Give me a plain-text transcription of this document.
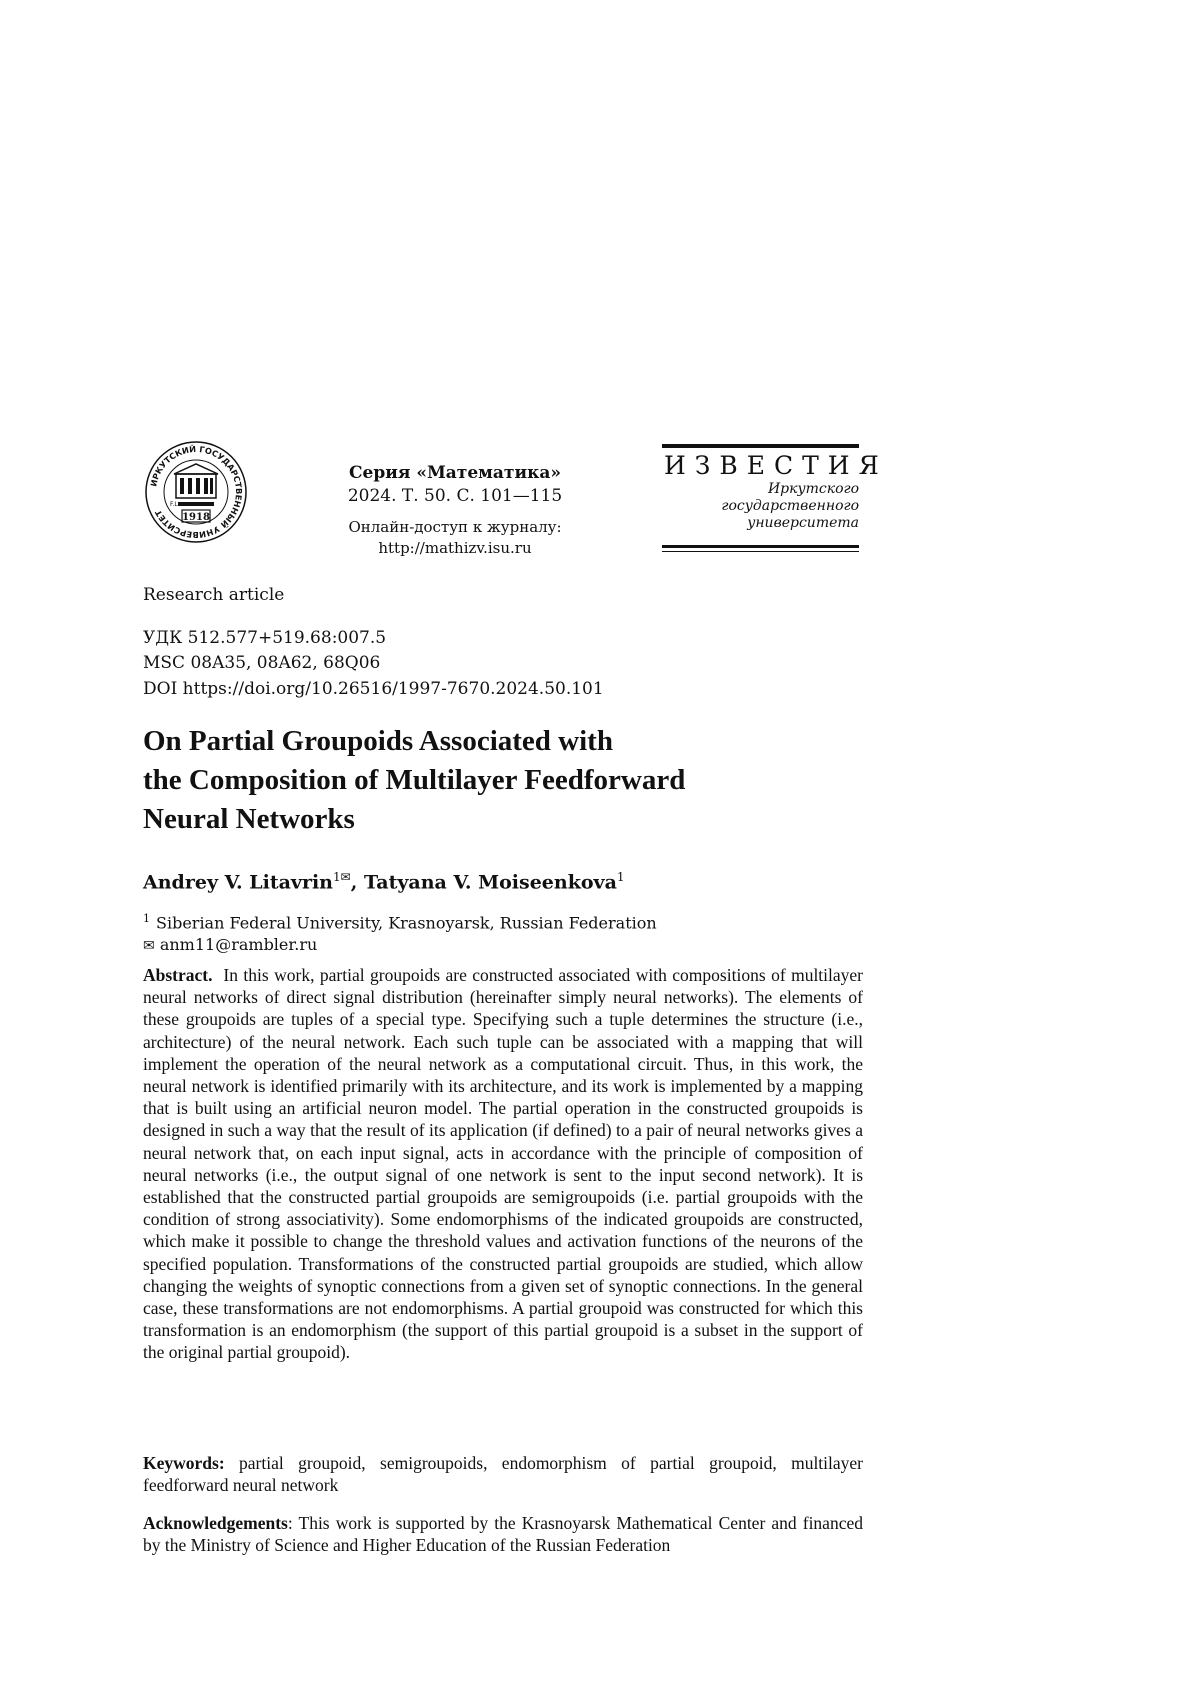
ИРКУТСКИЙ ГОСУДАРСТВЕННЫЙ УНИВЕРСИТЕТ
F.L.
1918
Серия «Математика»
2024. Т. 50. С. 101—115
Онлайн-доступ к журналу:
http://mathizv.isu.ru
ИЗВЕСТИЯ
Иркутского
государственного
университета
Research article
УДК 512.577+519.68:007.5
MSC 08A35, 08A62, 68Q06
DOI https://doi.org/10.26516/1997-7670.2024.50.101
On Partial Groupoids Associated with
the Composition of Multilayer Feedforward
Neural Networks
Andrey V. Litavrin$^{1✉}$, Tatyana V. Moiseenkova$^1$
$^1$ Siberian Federal University, Krasnoyarsk, Russian Federation
✉ anm11@rambler.ru
Abstract. In this work, partial groupoids are constructed associated with compositions of multilayer neural networks of direct signal distribution (hereinafter simply neural networks). The elements of these groupoids are tuples of a special type. Specifying such a tuple determines the structure (i.e., architecture) of the neural network. Each such tuple can be associated with a mapping that will implement the operation of the neural network as a computational circuit. Thus, in this work, the neural network is identified primarily with its architecture, and its work is implemented by a mapping that is built using an artificial neuron model. The partial operation in the constructed groupoids is designed in such a way that the result of its application (if defined) to a pair of neural networks gives a neural network that, on each input signal, acts in accordance with the principle of composition of neural networks (i.e., the output signal of one network is sent to the input second network). It is established that the constructed partial groupoids are semigroupoids (i.e. partial groupoids with the condition of strong associativity). Some endomorphisms of the indicated groupoids are constructed, which make it possible to change the threshold values and activation functions of the neurons of the specified population. Transformations of the constructed partial groupoids are studied, which allow changing the weights of synoptic connections from a given set of synoptic connections. In the general case, these transformations are not endomorphisms. A partial groupoid was constructed for which this transformation is an endomorphism (the support of this partial groupoid is a subset in the support of the original partial groupoid).
Keywords: partial groupoid, semigroupoids, endomorphism of partial groupoid, multilayer feedforward neural network
Acknowledgements: This work is supported by the Krasnoyarsk Mathematical Center and financed by the Ministry of Science and Higher Education of the Russian Federation
